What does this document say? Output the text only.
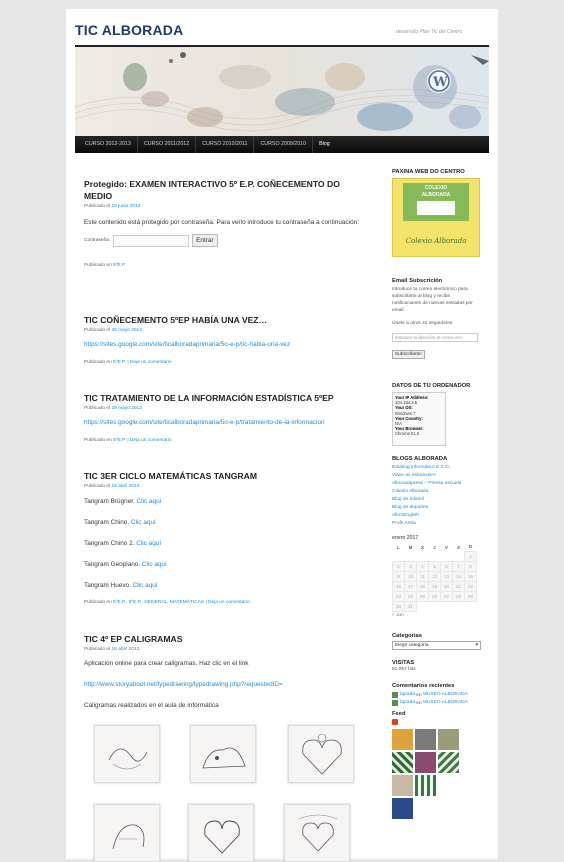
TIC ALBORADA	desarrollo Plan Tic del Centro
W
CURSO 2012-2013	CURSO 2011/2012	CURSO 2010/2011	CURSO 2009/2010	Blog
Protegido: EXAMEN INTERACTIVO 5º E.P. COÑECEMENTO DO MEDIO
Publicado el 10 junio 2013
Este contenido está protegido por contraseña. Para verlo introduce tu contraseña a continuación:
Contraseña:	Entrar
Publicado en 5ºE.P.
TIC COÑECEMENTO 5ºEP HABÍA UNA VEZ…
Publicado el 29 mayo 2013
https://sites.google.com/site/ticalboradaprimaria/5o-e-p/tic-habia-una-vez
Publicado en 5ºE.P. | Deja un comentario
TIC TRATAMIENTO DE LA INFORMACIÓN ESTADÍSTICA 5ºEP
Publicado el 29 mayo 2013
https://sites.google.com/site/ticalboradaprimaria/5o-e-p/tratamiento-de-la-informacion
Publicado en 5ºE.P. | Deja un comentario
TIC 3ER CICLO MATEMÁTICAS TANGRAM
Publicado el 19 abril 2013
Tangram Brügner. Clic aquí
Tangram Chino. Clic aquí
Tangram Chino 2. Clic aquí
Tangram Geoplano. Clic aquí
Tangram Huevo. Clic aquí
Publicado en 5ºE.P., 6ºE.P., GENERAL, MATEMÁTICAS | Deja un comentario
TIC 4º EP CALIGRAMAS
Publicado el 16 abril 2013
Aplicación online para crear caligramas. Haz clic en el link
http://www.storyabout.net/typedrawing/typedrawing.php?requestedID=
Caligramas realizados en el aula de informática
PAXINA WEB DO CENTRO
COLEXIO
ALBORADA
Colexio Alborada
Email Subscrición
Introduce tu correo electrónico para subscribirte al blog y recibir notificaciones de nuevas entradas por email.
Únete a otros 42 seguidores
Introduce tu dirección de correo elec
Subscribete!
DATOS DE TU ORDENADOR
Your IP Address:
104.194.2.5
Your OS:
Windows 7
Your Country:
N/A
Your Browser:
Chrome 51.0
BLOGS ALBORADA
Edublog Informática E.S.O.
Viaxe ao estranxeiro
Alboradapress – Prensa escuela
Colexio Alborada
Blog de Infantil
Blog de deportes
AlborEnglish
Profe Antía
enero 2017
L	M	X	J	V	S	D
						1
2	3	4	5	6	7	8
9	10	11	12	13	14	15
16	17	18	19	20	21	22
23	24	25	26	27	28	29
30	31					
« Jun
Categorías
Elegir categoría	▾
VISITAS
51.057 hits
Comentarios recientes
bprada
en
MUSEO ALBORADA
bprada
en
MUSEO ALBORADA
Feed
